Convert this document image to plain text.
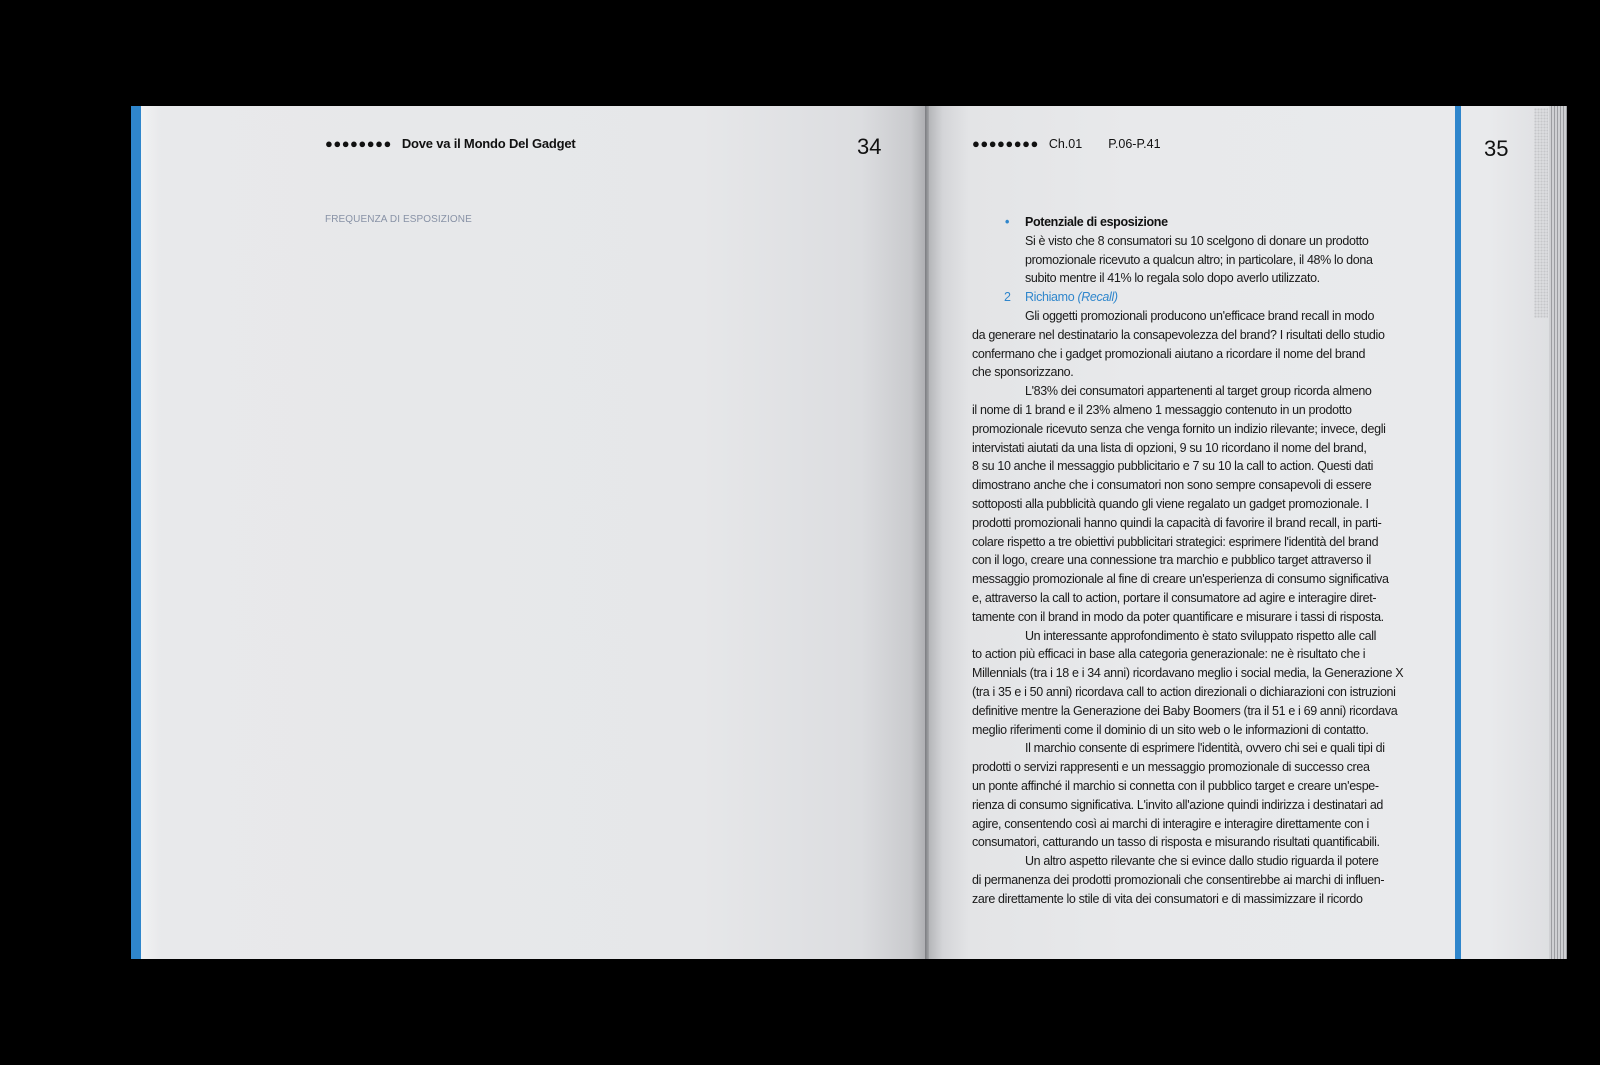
●●●●●●●● Dove va il Mondo Del Gadget	34
FREQUENZA DI ESPOSIZIONE
●●●●●●●● Ch.01 P.06-P.41	35
• Potenziale di esposizione
Si è visto che 8 consumatori su 10 scelgono di donare un prodotto
promozionale ricevuto a qualcun altro; in particolare, il 48% lo dona
subito mentre il 41% lo regala solo dopo averlo utilizzato.
2 Richiamo (Recall)

Gli oggetti promozionali producono un'efficace brand recall in modo
da generare nel destinatario la consapevolezza del brand? I risultati dello studio
confermano che i gadget promozionali aiutano a ricordare il nome del brand
che sponsorizzano.

L'83% dei consumatori appartenenti al target group ricorda almeno
il nome di 1 brand e il 23% almeno 1 messaggio contenuto in un prodotto
promozionale ricevuto senza che venga fornito un indizio rilevante; invece, degli
intervistati aiutati da una lista di opzioni, 9 su 10 ricordano il nome del brand,
8 su 10 anche il messaggio pubblicitario e 7 su 10 la call to action. Questi dati
dimostrano anche che i consumatori non sono sempre consapevoli di essere
sottoposti alla pubblicità quando gli viene regalato un gadget promozionale. I
prodotti promozionali hanno quindi la capacità di favorire il brand recall, in parti-
colare rispetto a tre obiettivi pubblicitari strategici: esprimere l'identità del brand
con il logo, creare una connessione tra marchio e pubblico target attraverso il
messaggio promozionale al fine di creare un'esperienza di consumo significativa
e, attraverso la call to action, portare il consumatore ad agire e interagire diret-
tamente con il brand in modo da poter quantificare e misurare i tassi di risposta.

Un interessante approfondimento è stato sviluppato rispetto alle call
to action più efficaci in base alla categoria generazionale: ne è risultato che i
Millennials (tra i 18 e i 34 anni) ricordavano meglio i social media, la Generazione X
(tra i 35 e i 50 anni) ricordava call to action direzionali o dichiarazioni con istruzioni
definitive mentre la Generazione dei Baby Boomers (tra il 51 e i 69 anni) ricordava
meglio riferimenti come il dominio di un sito web o le informazioni di contatto.

Il marchio consente di esprimere l'identità, ovvero chi sei e quali tipi di
prodotti o servizi rappresenti e un messaggio promozionale di successo crea
un ponte affinché il marchio si connetta con il pubblico target e creare un'espe-
rienza di consumo significativa. L'invito all'azione quindi indirizza i destinatari ad
agire, consentendo così ai marchi di interagire e interagire direttamente con i
consumatori, catturando un tasso di risposta e misurando risultati quantificabili.

Un altro aspetto rilevante che si evince dallo studio riguarda il potere
di permanenza dei prodotti promozionali che consentirebbe ai marchi di influen-
zare direttamente lo stile di vita dei consumatori e di massimizzare il ricordo
